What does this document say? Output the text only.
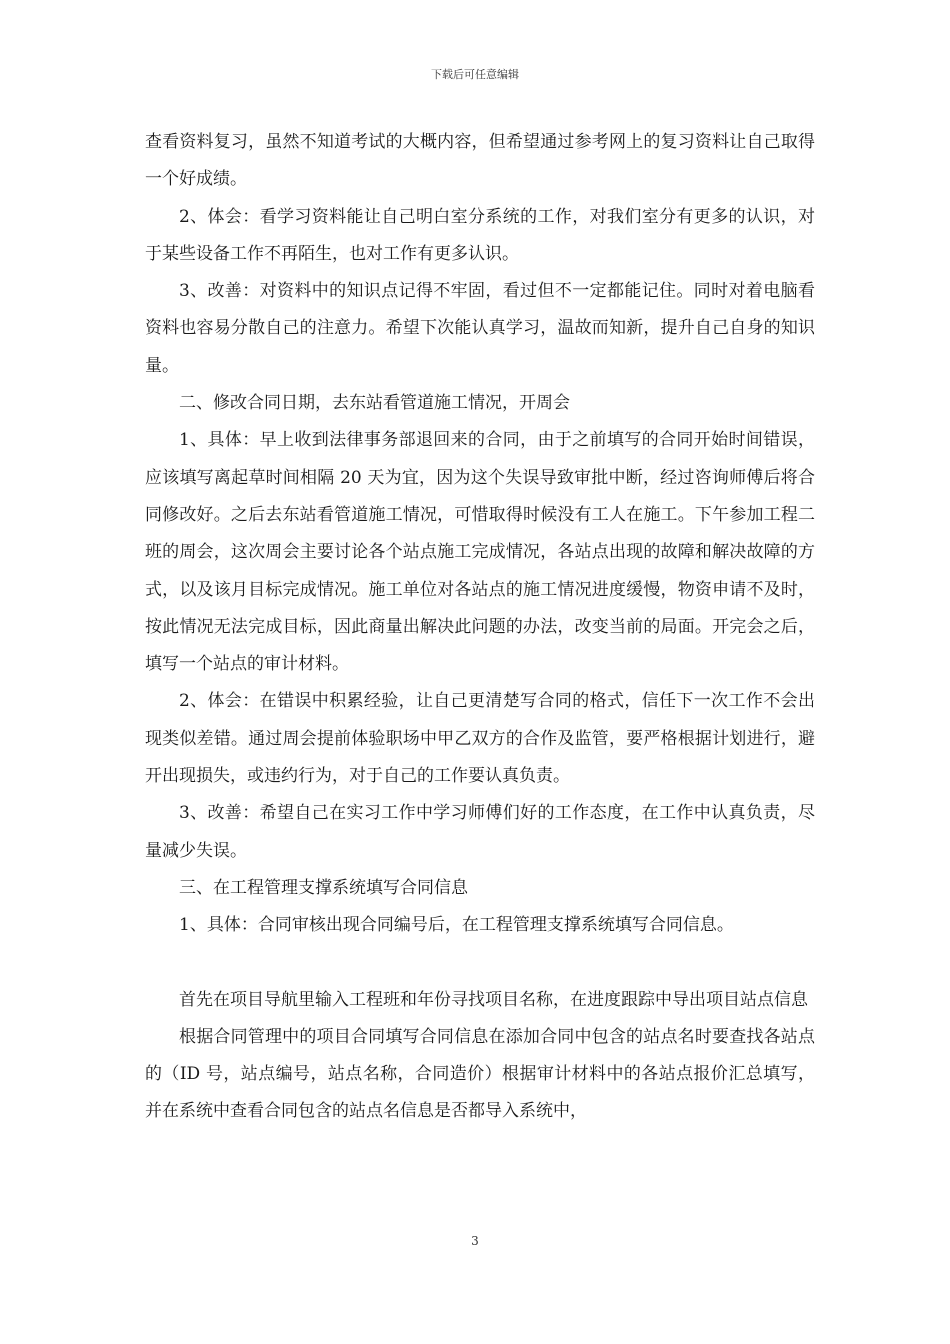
下载后可任意编辑

查看资料复习，虽然不知道考试的大概内容，但希望通过参考网上的复习资料让自己取得一个好成绩。

2、体会：看学习资料能让自己明白室分系统的工作，对我们室分有更多的认识，对于某些设备工作不再陌生，也对工作有更多认识。

3、改善：对资料中的知识点记得不牢固，看过但不一定都能记住。同时对着电脑看资料也容易分散自己的注意力。希望下次能认真学习，温故而知新，提升自己自身的知识量。

二、修改合同日期，去东站看管道施工情况，开周会

1、具体：早上收到法律事务部退回来的合同，由于之前填写的合同开始时间错误，应该填写离起草时间相隔 20 天为宜，因为这个失误导致审批中断，经过咨询师傅后将合同修改好。之后去东站看管道施工情况，可惜取得时候没有工人在施工。下午参加工程二班的周会，这次周会主要讨论各个站点施工完成情况，各站点出现的故障和解决故障的方式，以及该月目标完成情况。施工单位对各站点的施工情况进度缓慢，物资申请不及时，按此情况无法完成目标，因此商量出解决此问题的办法，改变当前的局面。开完会之后，填写一个站点的审计材料。

2、体会：在错误中积累经验，让自己更清楚写合同的格式，信任下一次工作不会出现类似差错。通过周会提前体验职场中甲乙双方的合作及监管，要严格根据计划进行，避开出现损失，或违约行为，对于自己的工作要认真负责。

3、改善：希望自己在实习工作中学习师傅们好的工作态度，在工作中认真负责，尽量减少失误。

三、在工程管理支撑系统填写合同信息

1、具体：合同审核出现合同编号后，在工程管理支撑系统填写合同信息。

首先在项目导航里输入工程班和年份寻找项目名称，在进度跟踪中导出项目站点信息

根据合同管理中的项目合同填写合同信息在添加合同中包含的站点名时要查找各站点的（ID 号，站点编号，站点名称，合同造价）根据审计材料中的各站点报价汇总填写，并在系统中查看合同包含的站点名信息是否都导入系统中，

3
